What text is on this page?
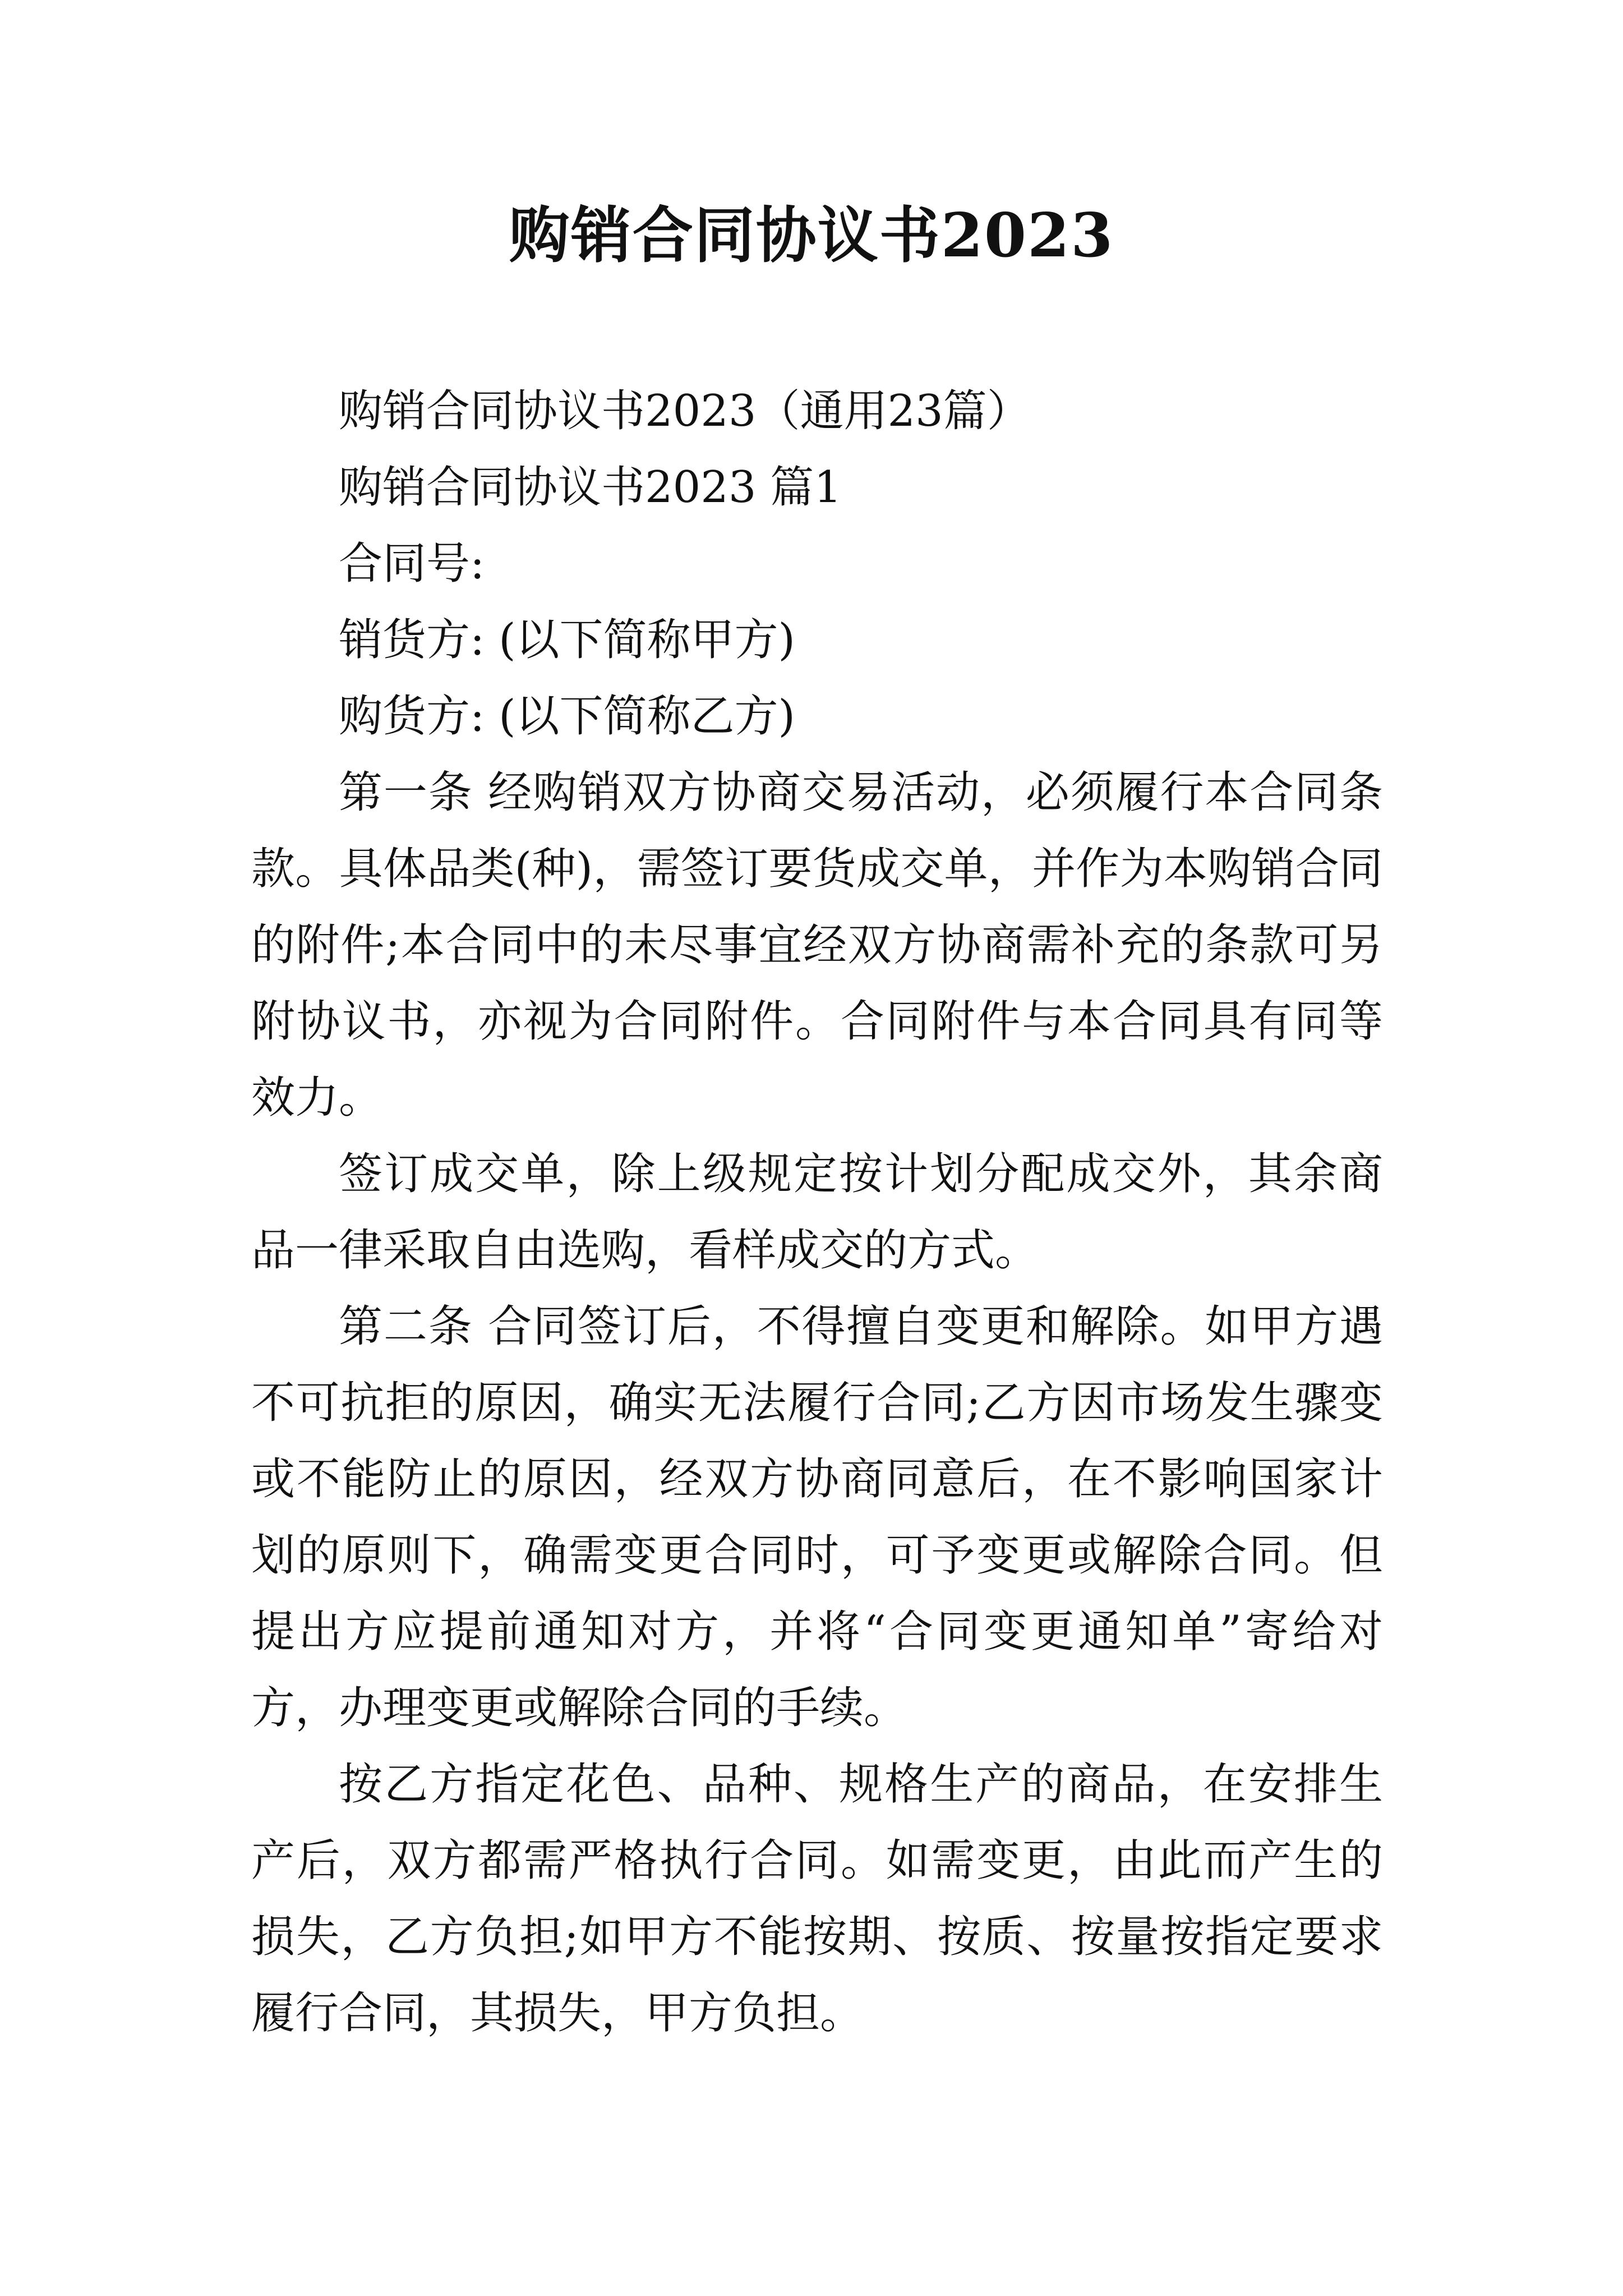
购销合同协议书2023

购销合同协议书2023（通用23篇）

购销合同协议书2023 篇1

合同号:

销货方: (以下简称甲方)

购货方: (以下简称乙方)

第一条 经购销双方协商交易活动，必须履行本合同条款。具体品类(种)，需签订要货成交单，并作为本购销合同的附件;本合同中的未尽事宜经双方协商需补充的条款可另附协议书，亦视为合同附件。合同附件与本合同具有同等效力。

签订成交单，除上级规定按计划分配成交外，其余商品一律采取自由选购，看样成交的方式。

第二条 合同签订后，不得擅自变更和解除。如甲方遇不可抗拒的原因，确实无法履行合同;乙方因市场发生骤变或不能防止的原因，经双方协商同意后，在不影响国家计划的原则下，确需变更合同时，可予变更或解除合同。但提出方应提前通知对方，并将“合同变更通知单”寄给对方，办理变更或解除合同的手续。

按乙方指定花色、品种、规格生产的商品，在安排生产后，双方都需严格执行合同。如需变更，由此而产生的损失，乙方负担;如甲方不能按期、按质、按量按指定要求履行合同，其损失，甲方负担。
